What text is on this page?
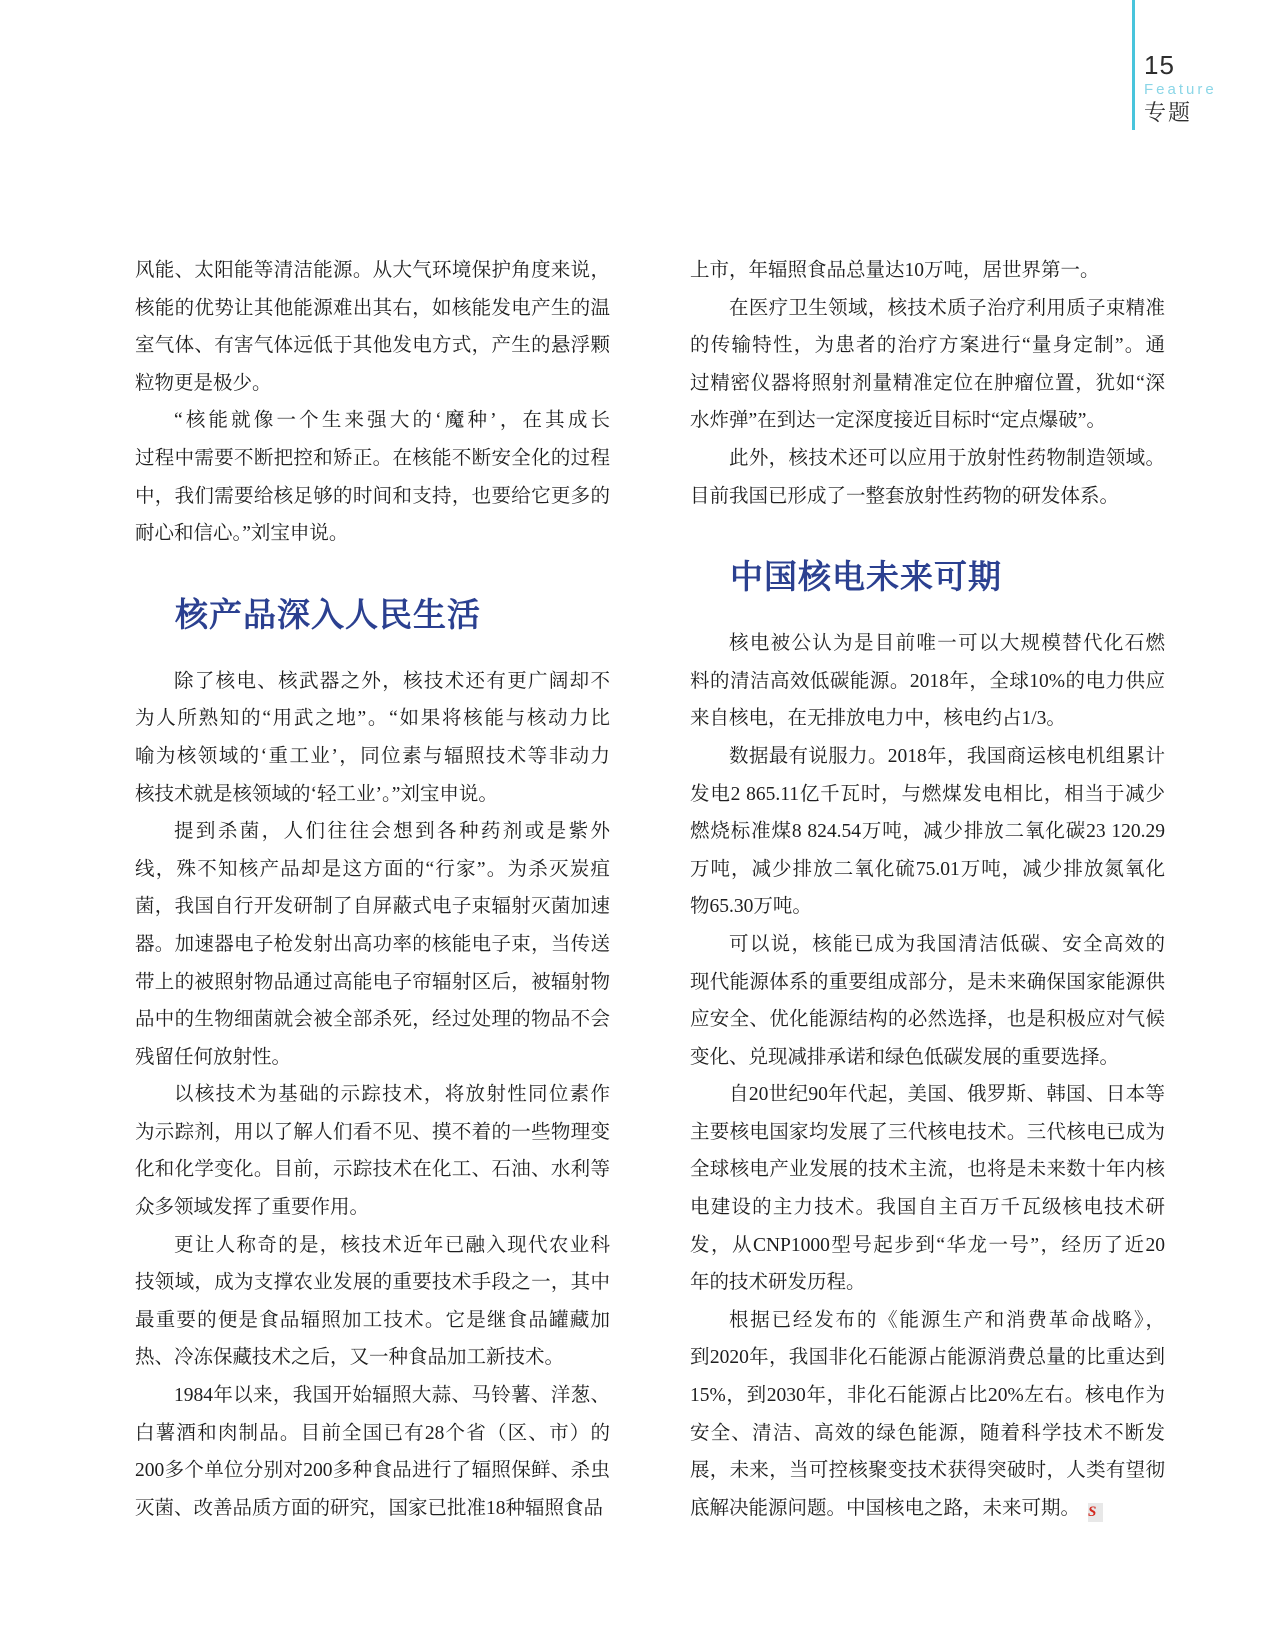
15
Feature
专题
风能、太阳能等清洁能源。从大气环境保护角度来说，
核能的优势让其他能源难出其右，如核能发电产生的温
室气体、有害气体远低于其他发电方式，产生的悬浮颗
粒物更是极少。
“核能就像一个生来强大的‘魔种’，在其成长
过程中需要不断把控和矫正。在核能不断安全化的过程
中，我们需要给核足够的时间和支持，也要给它更多的
耐心和信心。”刘宝申说。
核产品深入人民生活
除了核电、核武器之外，核技术还有更广阔却不
为人所熟知的“用武之地”。“如果将核能与核动力比
喻为核领域的‘重工业’，同位素与辐照技术等非动力
核技术就是核领域的‘轻工业’。”刘宝申说。
提到杀菌，人们往往会想到各种药剂或是紫外
线，殊不知核产品却是这方面的“行家”。为杀灭炭疽
菌，我国自行开发研制了自屏蔽式电子束辐射灭菌加速
器。加速器电子枪发射出高功率的核能电子束，当传送
带上的被照射物品通过高能电子帘辐射区后，被辐射物
品中的生物细菌就会被全部杀死，经过处理的物品不会
残留任何放射性。
以核技术为基础的示踪技术，将放射性同位素作
为示踪剂，用以了解人们看不见、摸不着的一些物理变
化和化学变化。目前，示踪技术在化工、石油、水利等
众多领域发挥了重要作用。
更让人称奇的是，核技术近年已融入现代农业科
技领域，成为支撑农业发展的重要技术手段之一，其中
最重要的便是食品辐照加工技术。它是继食品罐藏加
热、冷冻保藏技术之后，又一种食品加工新技术。
1984年以来，我国开始辐照大蒜、马铃薯、洋葱、
白薯酒和肉制品。目前全国已有28个省（区、市）的
200多个单位分别对200多种食品进行了辐照保鲜、杀虫
灭菌、改善品质方面的研究，国家已批准18种辐照食品
上市，年辐照食品总量达10万吨，居世界第一。
在医疗卫生领域，核技术质子治疗利用质子束精准
的传输特性，为患者的治疗方案进行“量身定制”。通
过精密仪器将照射剂量精准定位在肿瘤位置，犹如“深
水炸弹”在到达一定深度接近目标时“定点爆破”。
此外，核技术还可以应用于放射性药物制造领域。
目前我国已形成了一整套放射性药物的研发体系。
中国核电未来可期
核电被公认为是目前唯一可以大规模替代化石燃
料的清洁高效低碳能源。2018年，全球10%的电力供应
来自核电，在无排放电力中，核电约占1/3。
数据最有说服力。2018年，我国商运核电机组累计
发电2 865.11亿千瓦时，与燃煤发电相比，相当于减少
燃烧标准煤8 824.54万吨，减少排放二氧化碳23 120.29
万吨，减少排放二氧化硫75.01万吨，减少排放氮氧化
物65.30万吨。
可以说，核能已成为我国清洁低碳、安全高效的
现代能源体系的重要组成部分，是未来确保国家能源供
应安全、优化能源结构的必然选择，也是积极应对气候
变化、兑现减排承诺和绿色低碳发展的重要选择。
自20世纪90年代起，美国、俄罗斯、韩国、日本等
主要核电国家均发展了三代核电技术。三代核电已成为
全球核电产业发展的技术主流，也将是未来数十年内核
电建设的主力技术。我国自主百万千瓦级核电技术研
发，从CNP1000型号起步到“华龙一号”，经历了近20
年的技术研发历程。
根据已经发布的《能源生产和消费革命战略》，
到2020年，我国非化石能源占能源消费总量的比重达到
15%，到2030年，非化石能源占比20%左右。核电作为
安全、清洁、高效的绿色能源，随着科学技术不断发
展，未来，当可控核聚变技术获得突破时，人类有望彻
底解决能源问题。中国核电之路，未来可期。 S
